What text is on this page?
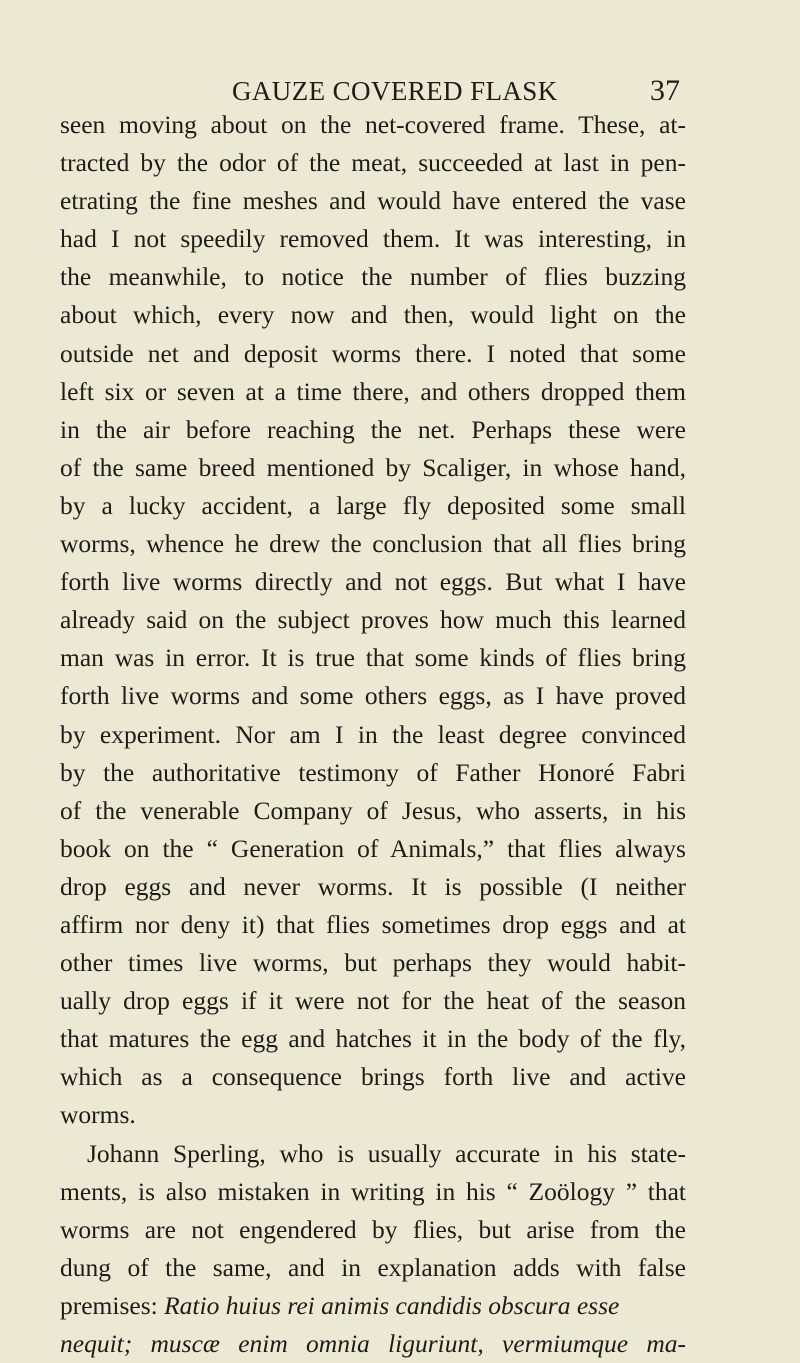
GAUZE COVERED FLASK	37
seen moving about on the net-covered frame. These, at-
tracted by the odor of the meat, succeeded at last in pen-
etrating the fine meshes and would have entered the vase
had I not speedily removed them. It was interesting, in
the meanwhile, to notice the number of flies buzzing
about which, every now and then, would light on the
outside net and deposit worms there. I noted that some
left six or seven at a time there, and others dropped them
in the air before reaching the net. Perhaps these were
of the same breed mentioned by Scaliger, in whose hand,
by a lucky accident, a large fly deposited some small
worms, whence he drew the conclusion that all flies bring
forth live worms directly and not eggs. But what I have
already said on the subject proves how much this learned
man was in error. It is true that some kinds of flies bring
forth live worms and some others eggs, as I have proved
by experiment. Nor am I in the least degree convinced
by the authoritative testimony of Father Honoré Fabri
of the venerable Company of Jesus, who asserts, in his
book on the “ Generation of Animals,” that flies always
drop eggs and never worms. It is possible (I neither
affirm nor deny it) that flies sometimes drop eggs and at
other times live worms, but perhaps they would habit-
ually drop eggs if it were not for the heat of the season
that matures the egg and hatches it in the body of the fly,
which as a consequence brings forth live and active
worms.
Johann Sperling, who is usually accurate in his state-
ments, is also mistaken in writing in his “ Zoölogy ” that
worms are not engendered by flies, but arise from the
dung of the same, and in explanation adds with false
premises: Ratio huius rei animis candidis obscura esse
nequit; muscæ enim omnia liguriunt, vermiumque ma-
